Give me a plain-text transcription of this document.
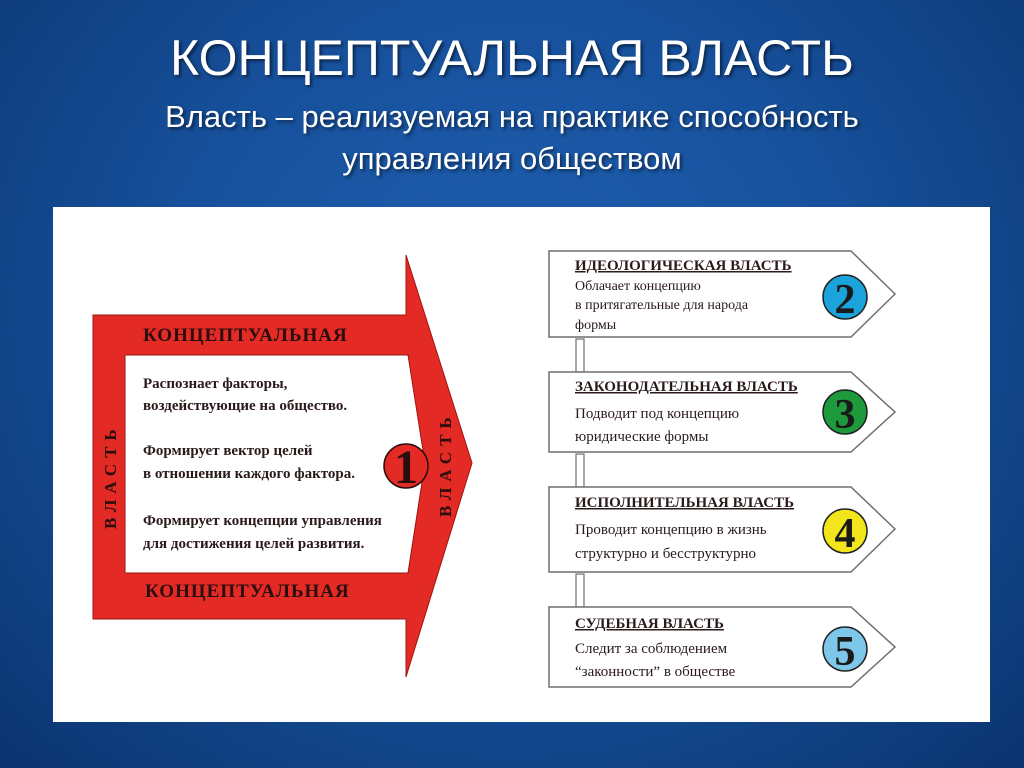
КОНЦЕПТУАЛЬНАЯ ВЛАСТЬ
Власть – реализуемая на практике способность
управления обществом
КОНЦЕПТУАЛЬНАЯ
КОНЦЕПТУАЛЬНАЯ
ВЛАСТЬ	ВЛАСТЬ
Распознает факторы,
воздействующие на общество.
Формирует вектор целей
в отношении каждого фактора.
Формирует концепции управления
для достижения целей развития.
1
ИДЕОЛОГИЧЕСКАЯ ВЛАСТЬ
Облачает концепцию
в притягательные для народа
формы
2
ЗАКОНОДАТЕЛЬНАЯ ВЛАСТЬ
Подводит под концепцию
юридические формы	3
ИСПОЛНИТЕЛЬНАЯ ВЛАСТЬ
Проводит концепцию в жизнь
структурно и бесструктурно 4
СУДЕБНАЯ ВЛАСТЬ
Следит за соблюдением
“законности” в обществе 5
